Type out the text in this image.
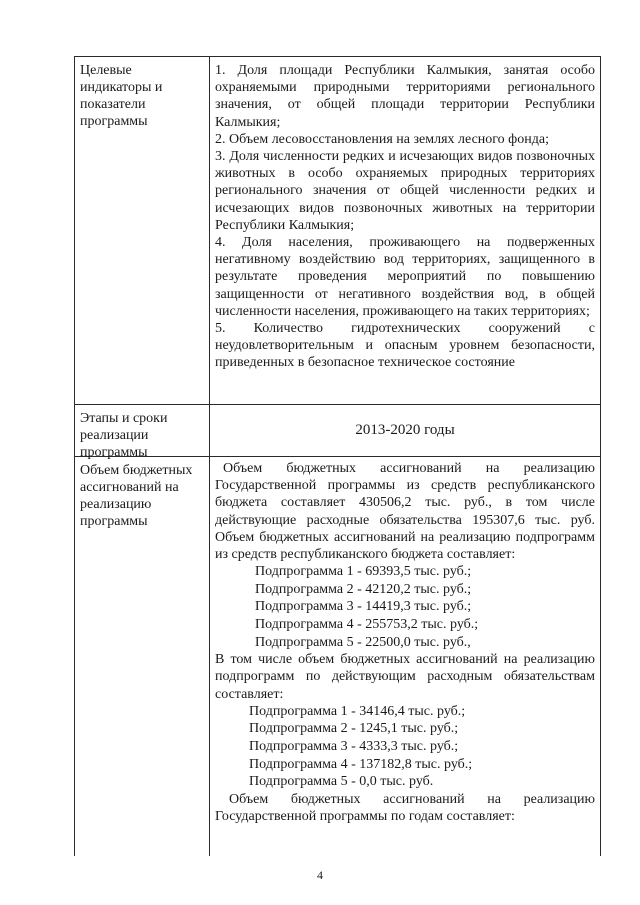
Целевые индикаторы и показатели программы

1. Доля площади Республики Калмыкия, занятая особо охраняемыми природными территориями регионального значения, от общей площади территории Республики Калмыкия;

2. Объем лесовосстановления на землях лесного фонда;

3. Доля численности редких и исчезающих видов позвоночных животных в особо охраняемых природных территориях регионального значения от общей численности редких и исчезающих видов позвоночных животных на территории Республики Калмыкия;

4. Доля населения, проживающего на подверженных негативному воздействию вод территориях, защищенного в результате проведения мероприятий по повышению защищенности от негативного воздействия вод, в общей численности населения, проживающего на таких территориях;

5. Количество гидротехнических сооружений с неудовлетворительным и опасным уровнем безопасности, приведенных в безопасное техническое состояние

Этапы и сроки реализации программы
2013-2020 годы
Объем бюджетных ассигнований на реализацию программы

Объем бюджетных ассигнований на реализацию Государственной программы из средств республиканского бюджета составляет 430506,2 тыс. руб., в том числе действующие расходные обязательства 195307,6 тыс. руб. Объем бюджетных ассигнований на реализацию подпрограмм из средств республиканского бюджета составляет:

Подпрограмма 1 - 69393,5 тыс. руб.;

Подпрограмма 2 - 42120,2 тыс. руб.;

Подпрограмма 3 - 14419,3 тыс. руб.;

Подпрограмма 4 - 255753,2 тыс. руб.;

Подпрограмма 5 - 22500,0 тыс. руб.,

В том числе объем бюджетных ассигнований на реализацию подпрограмм по действующим расходным обязательствам составляет:

Подпрограмма 1 - 34146,4 тыс. руб.;

Подпрограмма 2 - 1245,1 тыс. руб.;

Подпрограмма 3 - 4333,3 тыс. руб.;

Подпрограмма 4 - 137182,8 тыс. руб.;

Подпрограмма 5 - 0,0 тыс. руб.

Объем бюджетных ассигнований на реализацию Государственной программы по годам составляет:

4
